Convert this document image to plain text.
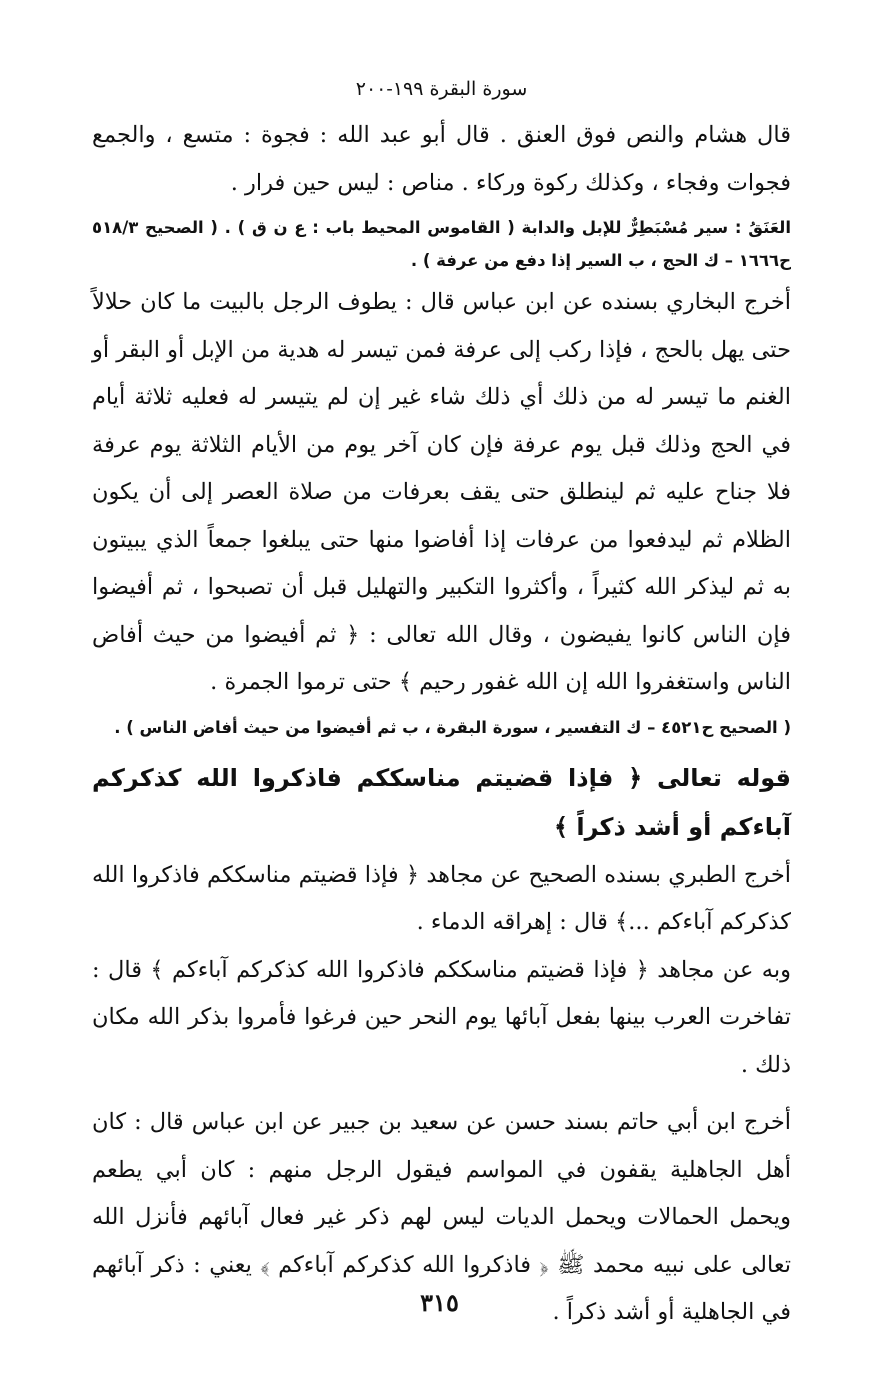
سورة البقرة ١٩٩-٢٠٠

قال هشام والنص فوق العنق . قال أبو عبد الله : فجوة : متسع ، والجمع فجوات وفجاء ، وكذلك ركوة وركاء . مناص : ليس حين فرار .

العَنَقُ : سير مُسْبَطِرٌّ للإبل والدابة ( القاموس المحيط باب : ع ن ق ) . ( الصحيح ٥١٨/٣ ح١٦٦٦ – ك الحج ، ب السير إذا دفع من عرفة ) .

أخرج البخاري بسنده عن ابن عباس قال : يطوف الرجل بالبيت ما كان حلالاً حتى يهل بالحج ، فإذا ركب إلى عرفة فمن تيسر له هدية من الإبل أو البقر أو الغنم ما تيسر له من ذلك أي ذلك شاء غير إن لم يتيسر له فعليه ثلاثة أيام في الحج وذلك قبل يوم عرفة فإن كان آخر يوم من الأيام الثلاثة يوم عرفة فلا جناح عليه ثم لينطلق حتى يقف بعرفات من صلاة العصر إلى أن يكون الظلام ثم ليدفعوا من عرفات إذا أفاضوا منها حتى يبلغوا جمعاً الذي يبيتون به ثم ليذكر الله كثيراً ، وأكثروا التكبير والتهليل قبل أن تصبحوا ، ثم أفيضوا فإن الناس كانوا يفيضون ، وقال الله تعالى : ﴿ ثم أفيضوا من حيث أفاض الناس واستغفروا الله إن الله غفور رحيم ﴾ حتى ترموا الجمرة .

( الصحيح ح٤٥٢١ – ك التفسير ، سورة البقرة ، ب ثم أفيضوا من حيث أفاض الناس ) .

قوله تعالى ﴿ فإذا قضيتم مناسككم فاذكروا الله كذكركم آباءكم أو أشد ذكراً ﴾

أخرج الطبري بسنده الصحيح عن مجاهد ﴿ فإذا قضيتم مناسككم فاذكروا الله كذكركم آباءكم ...﴾ قال : إهراقه الدماء .

وبه عن مجاهد ﴿ فإذا قضيتم مناسككم فاذكروا الله كذكركم آباءكم ﴾ قال : تفاخرت العرب بينها بفعل آبائها يوم النحر حين فرغوا فأمروا بذكر الله مكان ذلك .

أخرج ابن أبي حاتم بسند حسن عن سعيد بن جبير عن ابن عباس قال : كان أهل الجاهلية يقفون في المواسم فيقول الرجل منهم : كان أبي يطعم ويحمل الحمالات ويحمل الديات ليس لهم ذكر غير فعال آبائهم فأنزل الله تعالى على نبيه محمد ﷺ ﴿ فاذكروا الله كذكركم آباءكم ﴾ يعني : ذكر آبائهم في الجاهلية أو أشد ذكراً .

٣١٥
